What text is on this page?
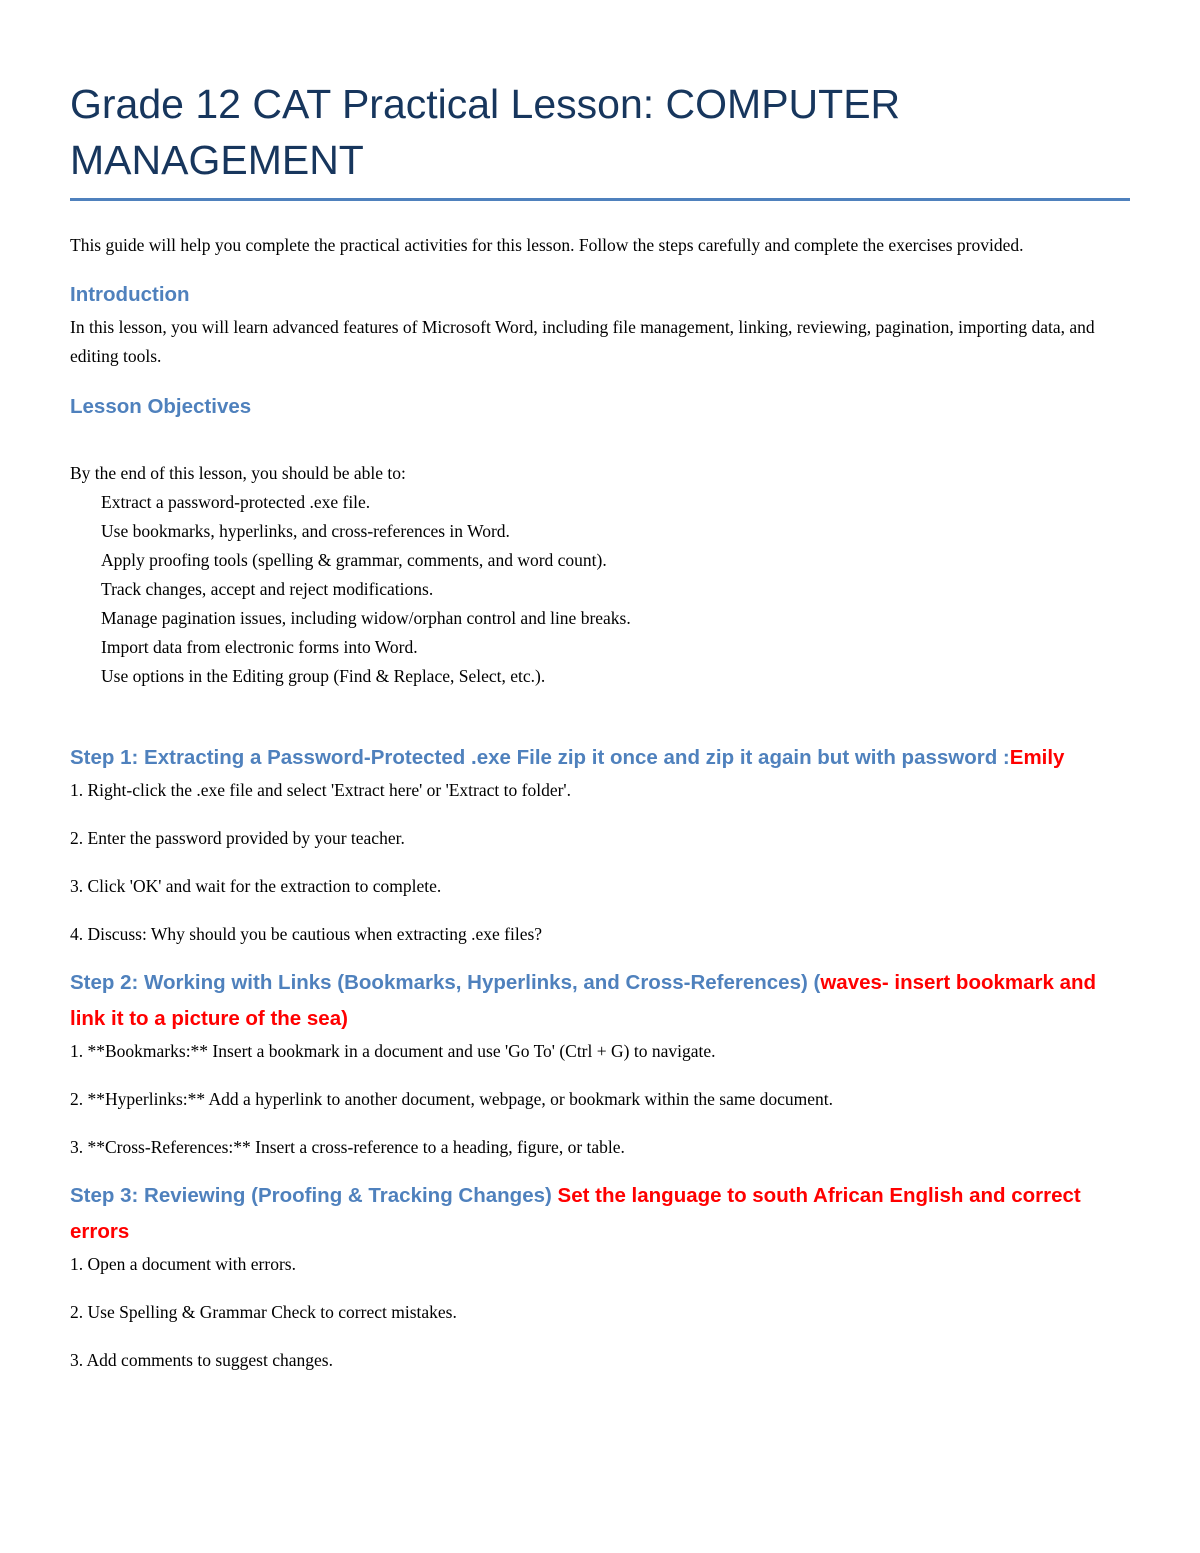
Grade 12 CAT Practical Lesson: COMPUTER
MANAGEMENT

This guide will help you complete the practical activities for this lesson. Follow the steps carefully and complete the exercises provided.

Introduction

In this lesson, you will learn advanced features of Microsoft Word, including file management, linking, reviewing, pagination, importing data, and editing tools.

Lesson Objectives

By the end of this lesson, you should be able to:

Extract a password-protected .exe file.
Use bookmarks, hyperlinks, and cross-references in Word.
Apply proofing tools (spelling & grammar, comments, and word count).
Track changes, accept and reject modifications.
Manage pagination issues, including widow/orphan control and line breaks.
Import data from electronic forms into Word.
Use options in the Editing group (Find & Replace, Select, etc.).
Step 1: Extracting a Password-Protected .exe File zip it once and zip it again but with password :Emily

1. Right-click the .exe file and select 'Extract here' or 'Extract to folder'.

2. Enter the password provided by your teacher.

3. Click 'OK' and wait for the extraction to complete.

4. Discuss: Why should you be cautious when extracting .exe files?

Step 2: Working with Links (Bookmarks, Hyperlinks, and Cross-References) (waves- insert bookmark and link it to a picture of the sea)

1. **Bookmarks:** Insert a bookmark in a document and use 'Go To' (Ctrl + G) to navigate.

2. **Hyperlinks:** Add a hyperlink to another document, webpage, or bookmark within the same document.

3. **Cross-References:** Insert a cross-reference to a heading, figure, or table.

Step 3: Reviewing (Proofing & Tracking Changes) Set the language to south African English and correct errors

1. Open a document with errors.

2. Use Spelling & Grammar Check to correct mistakes.

3. Add comments to suggest changes.
